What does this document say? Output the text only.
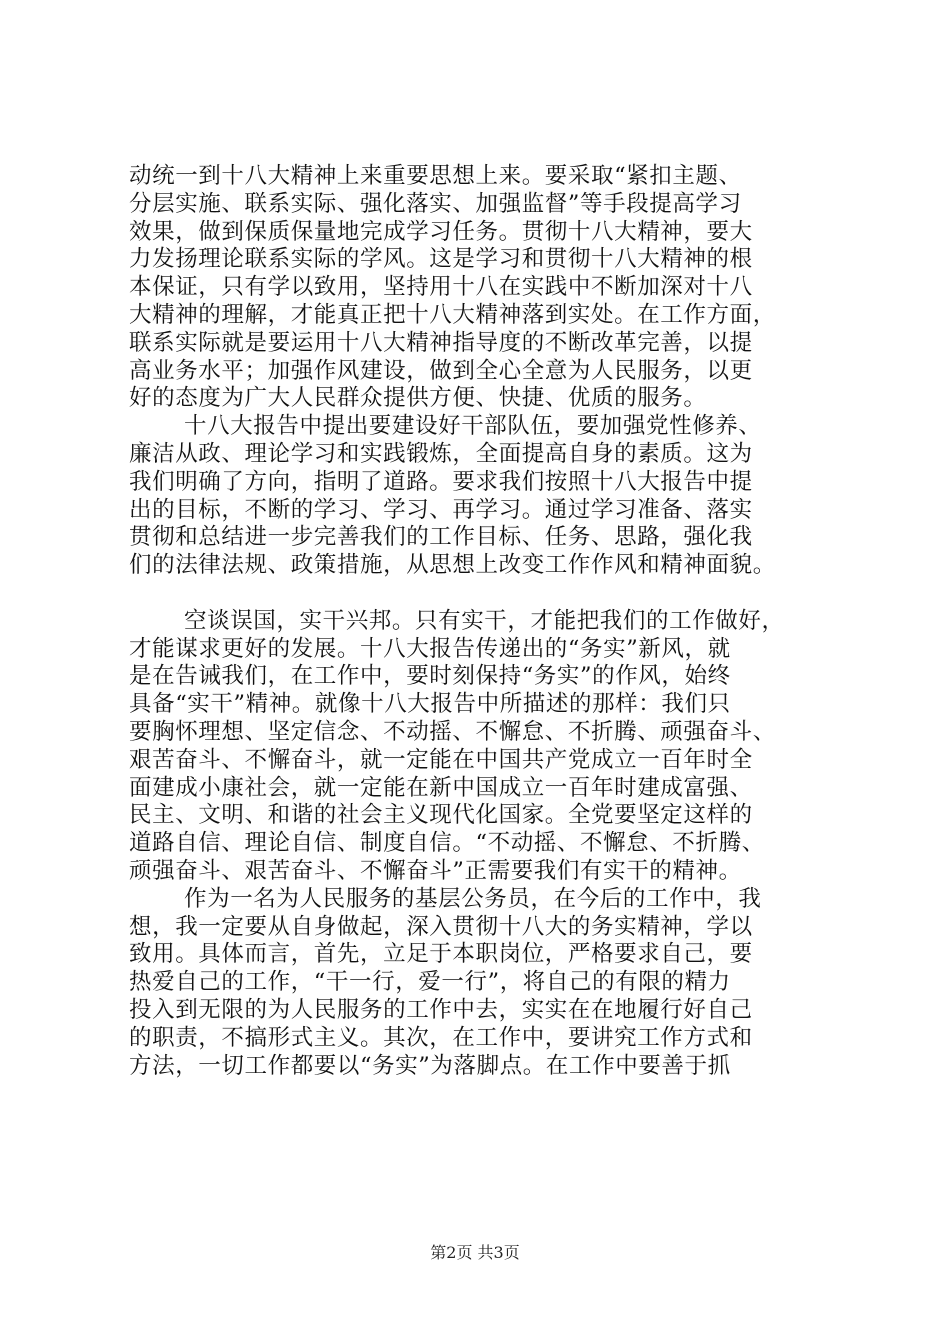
动统一到十八大精神上来重要思想上来。要采取“紧扣主题、
分层实施、联系实际、强化落实、加强监督”等手段提高学习
效果，做到保质保量地完成学习任务。贯彻十八大精神，要大
力发扬理论联系实际的学风。这是学习和贯彻十八大精神的根
本保证，只有学以致用，坚持用十八在实践中不断加深对十八
大精神的理解，才能真正把十八大精神落到实处。在工作方面，
联系实际就是要运用十八大精神指导度的不断改革完善，以提
高业务水平；加强作风建设，做到全心全意为人民服务，以更
好的态度为广大人民群众提供方便、快捷、优质的服务。
十八大报告中提出要建设好干部队伍，要加强党性修养、
廉洁从政、理论学习和实践锻炼，全面提高自身的素质。这为
我们明确了方向，指明了道路。要求我们按照十八大报告中提
出的目标，不断的学习、学习、再学习。通过学习准备、落实
贯彻和总结进一步完善我们的工作目标、任务、思路，强化我
们的法律法规、政策措施，从思想上改变工作作风和精神面貌。
空谈误国，实干兴邦。只有实干，才能把我们的工作做好，
才能谋求更好的发展。十八大报告传递出的“务实”新风，就
是在告诫我们，在工作中，要时刻保持“务实”的作风，始终
具备“实干”精神。就像十八大报告中所描述的那样：我们只
要胸怀理想、坚定信念、不动摇、不懈怠、不折腾、顽强奋斗、
艰苦奋斗、不懈奋斗，就一定能在中国共产党成立一百年时全
面建成小康社会，就一定能在新中国成立一百年时建成富强、
民主、文明、和谐的社会主义现代化国家。全党要坚定这样的
道路自信、理论自信、制度自信。“不动摇、不懈怠、不折腾、
顽强奋斗、艰苦奋斗、不懈奋斗”正需要我们有实干的精神。
作为一名为人民服务的基层公务员，在今后的工作中，我
想，我一定要从自身做起，深入贯彻十八大的务实精神，学以
致用。具体而言，首先，立足于本职岗位，严格要求自己，要
热爱自己的工作，“干一行，爱一行”，将自己的有限的精力
投入到无限的为人民服务的工作中去，实实在在地履行好自己
的职责，不搞形式主义。其次，在工作中，要讲究工作方式和
方法，一切工作都要以“务实”为落脚点。在工作中要善于抓
第2页 共3页
